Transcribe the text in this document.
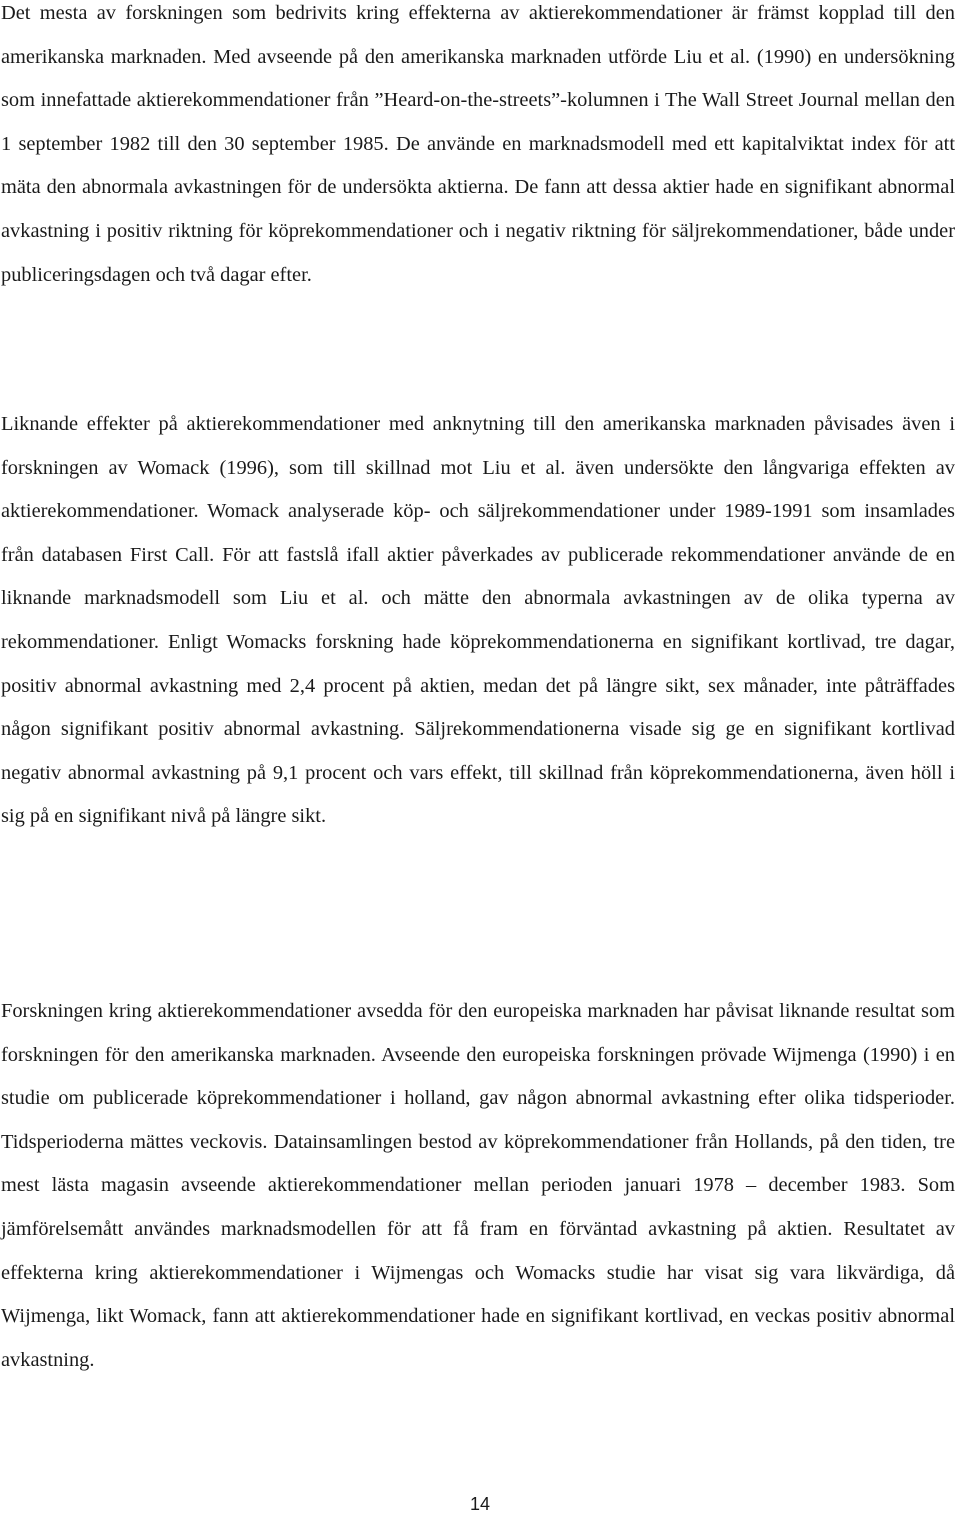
Det mesta av forskningen som bedrivits kring effekterna av aktierekommendationer är främst kopplad till den amerikanska marknaden. Med avseende på den amerikanska marknaden utförde Liu et al. (1990) en undersökning som innefattade aktierekommendationer från ”Heard-on-the-streets”-kolumnen i The Wall Street Journal mellan den 1 september 1982 till den 30 september 1985. De använde en marknadsmodell med ett kapitalviktat index för att mäta den abnormala avkastningen för de undersökta aktierna. De fann att dessa aktier hade en signifikant abnormal avkastning i positiv riktning för köprekommendationer och i negativ riktning för säljrekommendationer, både under publiceringsdagen och två dagar efter.

Liknande effekter på aktierekommendationer med anknytning till den amerikanska marknaden påvisades även i forskningen av Womack (1996), som till skillnad mot Liu et al. även undersökte den långvariga effekten av aktierekommendationer. Womack analyserade köp- och säljrekommendationer under 1989-1991 som insamlades från databasen First Call. För att fastslå ifall aktier påverkades av publicerade rekommendationer använde de en liknande marknadsmodell som Liu et al. och mätte den abnormala avkastningen av de olika typerna av rekommendationer. Enligt Womacks forskning hade köprekommendationerna en signifikant kortlivad, tre dagar, positiv abnormal avkastning med 2,4 procent på aktien, medan det på längre sikt, sex månader, inte påträffades någon signifikant positiv abnormal avkastning. Säljrekommendationerna visade sig ge en signifikant kortlivad negativ abnormal avkastning på 9,1 procent och vars effekt, till skillnad från köprekommendationerna, även höll i sig på en signifikant nivå på längre sikt.

Forskningen kring aktierekommendationer avsedda för den europeiska marknaden har påvisat liknande resultat som forskningen för den amerikanska marknaden. Avseende den europeiska forskningen prövade Wijmenga (1990) i en studie om publicerade köprekommendationer i holland, gav någon abnormal avkastning efter olika tidsperioder. Tidsperioderna mättes veckovis. Datainsamlingen bestod av köprekommendationer från Hollands, på den tiden, tre mest lästa magasin avseende aktierekommendationer mellan perioden januari 1978 – december 1983. Som jämförelsemått användes marknadsmodellen för att få fram en förväntad avkastning på aktien. Resultatet av effekterna kring aktierekommendationer i Wijmengas och Womacks studie har visat sig vara likvärdiga, då Wijmenga, likt Womack, fann att aktierekommendationer hade en signifikant kortlivad, en veckas positiv abnormal avkastning.

14
